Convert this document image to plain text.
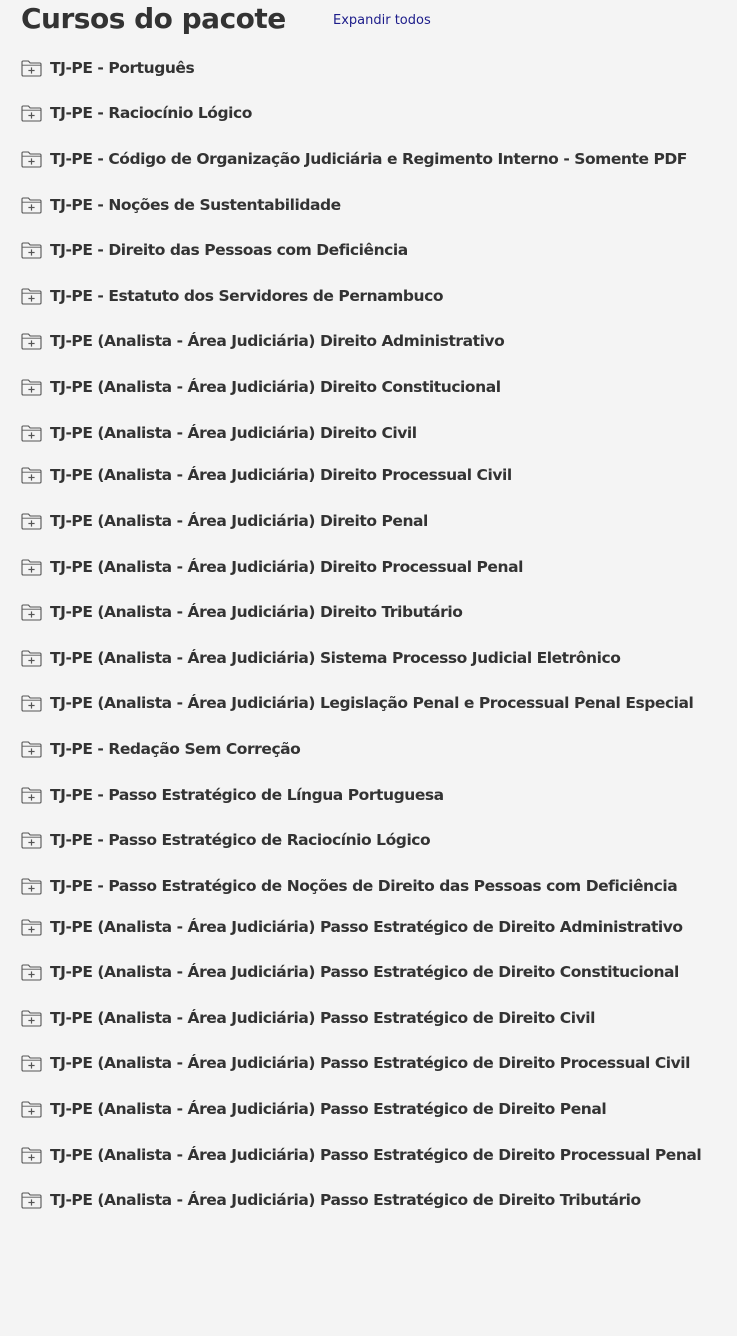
Cursos do pacote	Expandir todos
TJ-PE - Português
TJ-PE - Raciocínio Lógico
TJ-PE - Código de Organização Judiciária e Regimento Interno - Somente PDF
TJ-PE - Noções de Sustentabilidade
TJ-PE - Direito das Pessoas com Deficiência
TJ-PE - Estatuto dos Servidores de Pernambuco
TJ-PE (Analista - Área Judiciária) Direito Administrativo
TJ-PE (Analista - Área Judiciária) Direito Constitucional
TJ-PE (Analista - Área Judiciária) Direito Civil
TJ-PE (Analista - Área Judiciária) Direito Processual Civil
TJ-PE (Analista - Área Judiciária) Direito Penal
TJ-PE (Analista - Área Judiciária) Direito Processual Penal
TJ-PE (Analista - Área Judiciária) Direito Tributário
TJ-PE (Analista - Área Judiciária) Sistema Processo Judicial Eletrônico
TJ-PE (Analista - Área Judiciária) Legislação Penal e Processual Penal Especial
TJ-PE - Redação Sem Correção
TJ-PE - Passo Estratégico de Língua Portuguesa
TJ-PE - Passo Estratégico de Raciocínio Lógico
TJ-PE - Passo Estratégico de Noções de Direito das Pessoas com Deficiência
TJ-PE (Analista - Área Judiciária) Passo Estratégico de Direito Administrativo
TJ-PE (Analista - Área Judiciária) Passo Estratégico de Direito Constitucional
TJ-PE (Analista - Área Judiciária) Passo Estratégico de Direito Civil
TJ-PE (Analista - Área Judiciária) Passo Estratégico de Direito Processual Civil
TJ-PE (Analista - Área Judiciária) Passo Estratégico de Direito Penal
TJ-PE (Analista - Área Judiciária) Passo Estratégico de Direito Processual Penal
TJ-PE (Analista - Área Judiciária) Passo Estratégico de Direito Tributário
